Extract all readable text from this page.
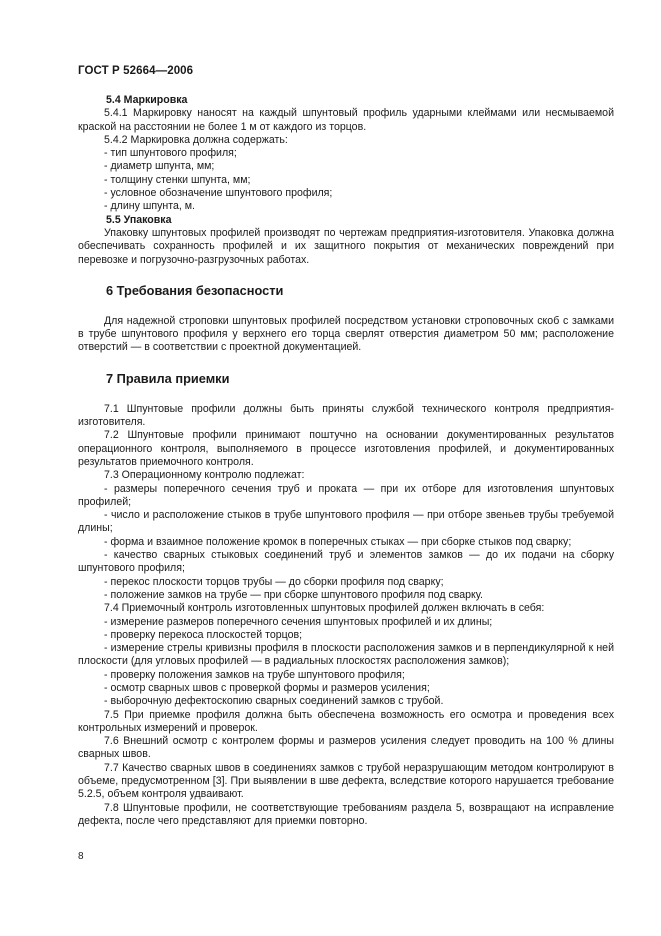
ГОСТ Р 52664—2006

5.4 Маркировка

5.4.1 Маркировку наносят на каждый шпунтовый профиль ударными клеймами или несмываемой краской на расстоянии не более 1 м от каждого из торцов.

5.4.2 Маркировка должна содержать:

- тип шпунтового профиля;

- диаметр шпунта, мм;

- толщину стенки шпунта, мм;

- условное обозначение шпунтового профиля;

- длину шпунта, м.

5.5 Упаковка

Упаковку шпунтовых профилей производят по чертежам предприятия-изготовителя. Упаковка должна обеспечивать сохранность профилей и их защитного покрытия от механических повреждений при перевозке и погрузочно-разгрузочных работах.

6 Требования безопасности

Для надежной строповки шпунтовых профилей посредством установки строповочных скоб с замками в трубе шпунтового профиля у верхнего его торца сверлят отверстия диаметром 50 мм; расположение отверстий — в соответствии с проектной документацией.

7 Правила приемки

7.1 Шпунтовые профили должны быть приняты службой технического контроля предприятия-изготовителя.

7.2 Шпунтовые профили принимают поштучно на основании документированных результатов операционного контроля, выполняемого в процессе изготовления профилей, и документированных результатов приемочного контроля.

7.3 Операционному контролю подлежат:

- размеры поперечного сечения труб и проката — при их отборе для изготовления шпунтовых профилей;

- число и расположение стыков в трубе шпунтового профиля — при отборе звеньев трубы требуемой длины;

- форма и взаимное положение кромок в поперечных стыках — при сборке стыков под сварку;

- качество сварных стыковых соединений труб и элементов замков — до их подачи на сборку шпунтового профиля;

- перекос плоскости торцов трубы — до сборки профиля под сварку;

- положение замков на трубе — при сборке шпунтового профиля под сварку.

7.4 Приемочный контроль изготовленных шпунтовых профилей должен включать в себя:

- измерение размеров поперечного сечения шпунтовых профилей и их длины;

- проверку перекоса плоскостей торцов;

- измерение стрелы кривизны профиля в плоскости расположения замков и в перпендикулярной к ней плоскости (для угловых профилей — в радиальных плоскостях расположения замков);

- проверку положения замков на трубе шпунтового профиля;

- осмотр сварных швов с проверкой формы и размеров усиления;

- выборочную дефектоскопию сварных соединений замков с трубой.

7.5 При приемке профиля должна быть обеспечена возможность его осмотра и проведения всех контрольных измерений и проверок.

7.6 Внешний осмотр с контролем формы и размеров усиления следует проводить на 100 % длины сварных швов.

7.7 Качество сварных швов в соединениях замков с трубой неразрушающим методом контролируют в объеме, предусмотренном [3]. При выявлении в шве дефекта, вследствие которого нарушается требование 5.2.5, объем контроля удваивают.

7.8 Шпунтовые профили, не соответствующие требованиям раздела 5, возвращают на исправление дефекта, после чего представляют для приемки повторно.

8
